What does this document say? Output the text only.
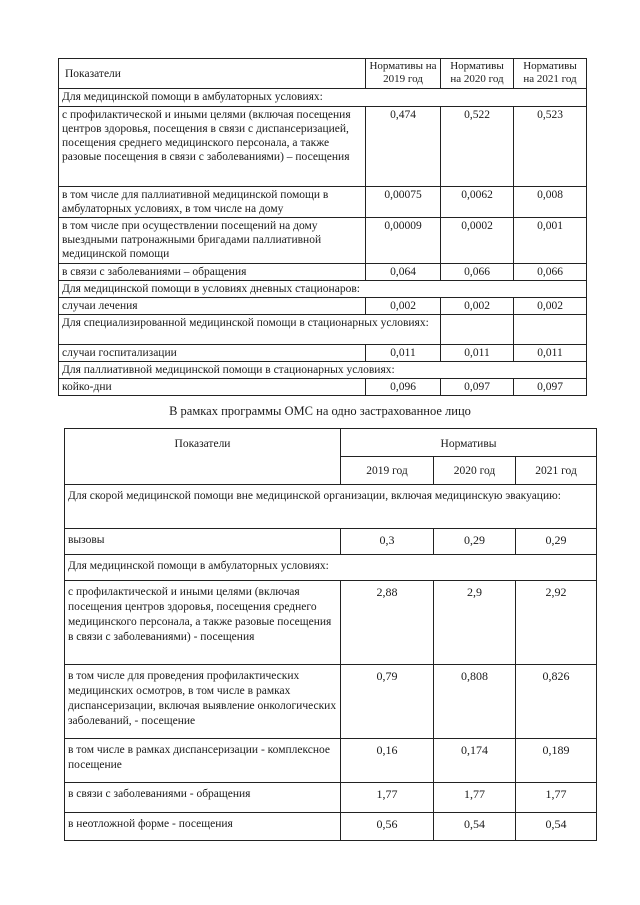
Показатели	Нормативы на 2019 год	Нормативы на 2020 год	Нормативы на 2021 год
Для медицинской помощи в амбулаторных условиях:			
с профилактической и иными целями (включая посещения центров здоровья, посещения в связи с диспансеризацией, посещения среднего медицинского персонала, а также разовые посещения в связи с заболеваниями) – посещения	0,474	0,522	0,523
в том числе для паллиативной медицинской помощи в амбулаторных условиях, в том числе на дому	0,00075	0,0062	0,008
в том числе при осуществлении посещений на дому выездными патронажными бригадами паллиативной медицинской помощи	0,00009	0,0002	0,001
в связи с заболеваниями – обращения	0,064	0,066	0,066
Для медицинской помощи в условиях дневных стационаров:			
случаи лечения	0,002	0,002	0,002
Для специализированной медицинской помощи в стационарных условиях:			
случаи госпитализации	0,011	0,011	0,011
Для паллиативной медицинской помощи в стационарных условиях:			
койко-дни	0,096	0,097	0,097
В рамках программы ОМС на одно застрахованное лицо
Показатели	Нормативы		
	2019 год	2020 год	2021 год
Для скорой медицинской помощи вне медицинской организации, включая медицинскую эвакуацию:			
вызовы	0,3	0,29	0,29
Для медицинской помощи в амбулаторных условиях:			
с профилактической и иными целями (включая посещения центров здоровья, посещения среднего медицинского персонала, а также разовые посещения в связи с заболеваниями) - посещения	2,88	2,9	2,92
в том числе для проведения профилактических медицинских осмотров, в том числе в рамках диспансеризации, включая выявление онкологических заболеваний, - посещение	0,79	0,808	0,826
в том числе в рамках диспансеризации - комплексное посещение	0,16	0,174	0,189
в связи с заболеваниями - обращения	1,77	1,77	1,77
в неотложной форме - посещения	0,56	0,54	0,54
